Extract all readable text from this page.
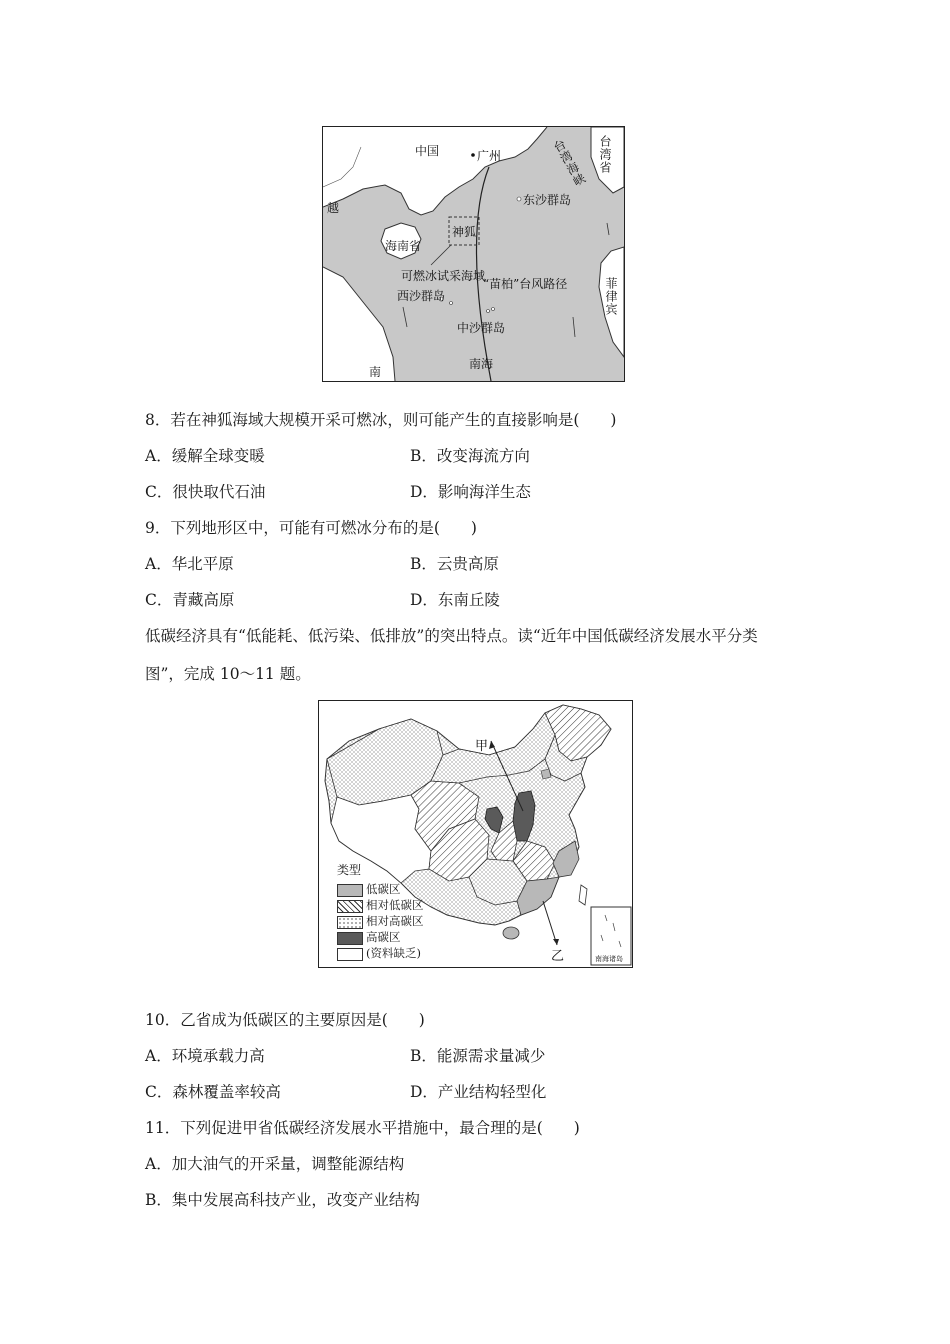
中国	广州	台湾海峡 台湾省
越
东沙群岛
神狐
海南省
可燃冰试采海域
“苗柏”台风路径
西沙群岛
中沙群岛
菲律宾
南
南海
8．若在神狐海域大规模开采可燃冰，则可能产生的直接影响是(　　)
A．缓解全球变暖	B．改变海流方向
C．很快取代石油	D．影响海洋生态
9．下列地形区中，可能有可燃冰分布的是(　　)
A．华北平原	B．云贵高原
C．青藏高原	D．东南丘陵
低碳经济具有“低能耗、低污染、低排放”的突出特点。读“近年中国低碳经济发展水平分类
图”，完成 10～11 题。
甲
乙	南海诸岛
类型
低碳区
相对低碳区
相对高碳区
高碳区
(资料缺乏)
10．乙省成为低碳区的主要原因是(　　)
A．环境承载力高	B．能源需求量减少
C．森林覆盖率较高	D．产业结构轻型化
11．下列促进甲省低碳经济发展水平措施中，最合理的是(　　)
A．加大油气的开采量，调整能源结构
B．集中发展高科技产业，改变产业结构
